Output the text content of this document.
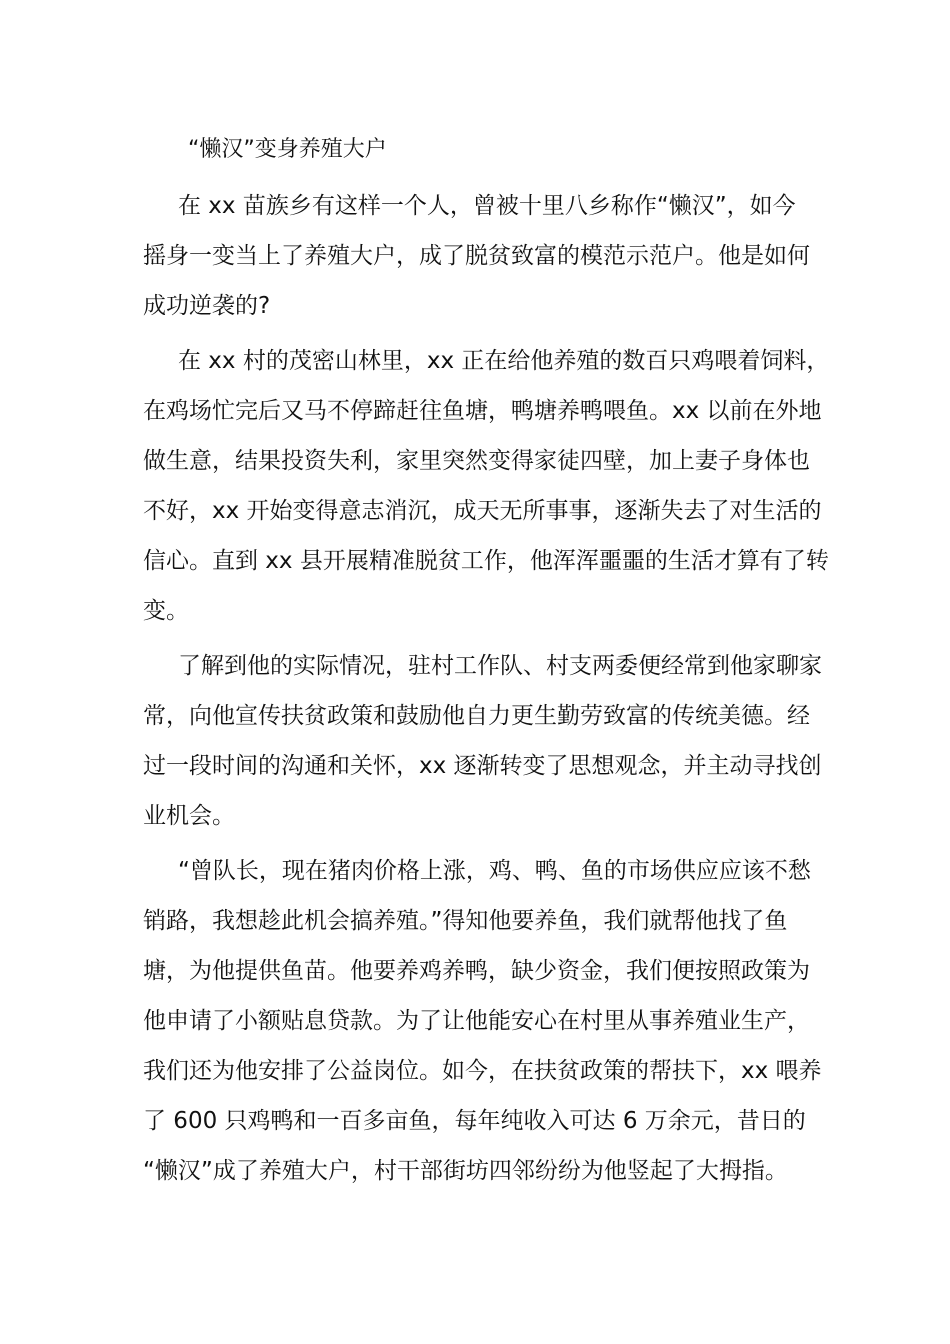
“懒汉”变身养殖大户
在 xx 苗族乡有这样一个人，曾被十里八乡称作“懒汉”，如今
摇身一变当上了养殖大户，成了脱贫致富的模范示范户。他是如何
成功逆袭的?
在 xx 村的茂密山林里，xx 正在给他养殖的数百只鸡喂着饲料，
在鸡场忙完后又马不停蹄赶往鱼塘，鸭塘养鸭喂鱼。xx 以前在外地
做生意，结果投资失利，家里突然变得家徒四壁，加上妻子身体也
不好，xx 开始变得意志消沉，成天无所事事，逐渐失去了对生活的
信心。直到 xx 县开展精准脱贫工作，他浑浑噩噩的生活才算有了转
变。
了解到他的实际情况，驻村工作队、村支两委便经常到他家聊家
常，向他宣传扶贫政策和鼓励他自力更生勤劳致富的传统美德。经
过一段时间的沟通和关怀，xx 逐渐转变了思想观念，并主动寻找创
业机会。
“曾队长，现在猪肉价格上涨，鸡、鸭、鱼的市场供应应该不愁
销路，我想趁此机会搞养殖。”得知他要养鱼，我们就帮他找了鱼
塘，为他提供鱼苗。他要养鸡养鸭，缺少资金，我们便按照政策为
他申请了小额贴息贷款。为了让他能安心在村里从事养殖业生产，
我们还为他安排了公益岗位。如今，在扶贫政策的帮扶下，xx 喂养
了 600 只鸡鸭和一百多亩鱼，每年纯收入可达 6 万余元，昔日的
“懒汉”成了养殖大户，村干部街坊四邻纷纷为他竖起了大拇指。
